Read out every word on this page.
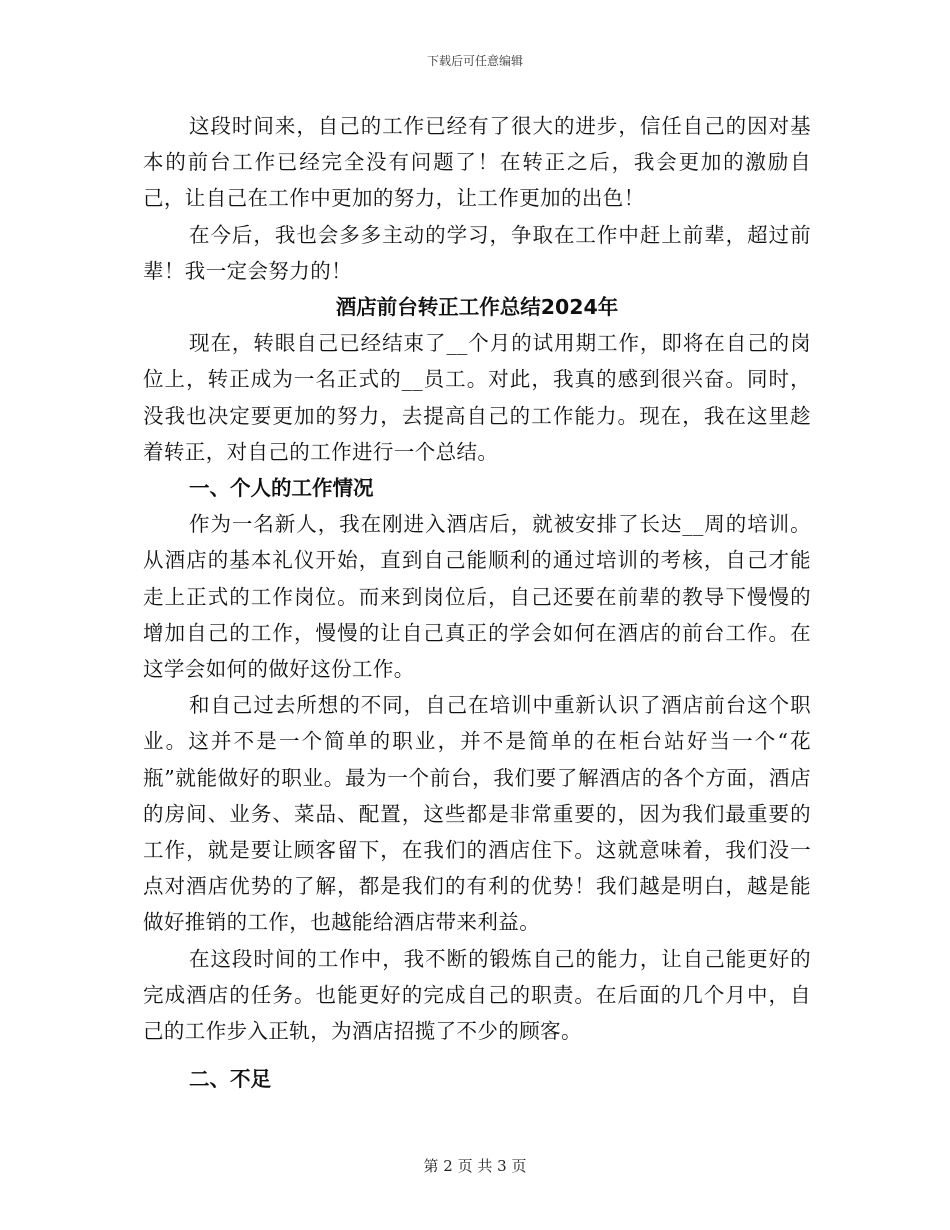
下载后可任意编辑

这段时间来，自己的工作已经有了很大的进步，信任自己的因对基本的前台工作已经完全没有问题了！在转正之后，我会更加的激励自己，让自己在工作中更加的努力，让工作更加的出色！

在今后，我也会多多主动的学习，争取在工作中赶上前辈，超过前辈！我一定会努力的！

酒店前台转正工作总结2024年

现在，转眼自己已经结束了__个月的试用期工作，即将在自己的岗位上，转正成为一名正式的__员工。对此，我真的感到很兴奋。同时，没我也决定要更加的努力，去提高自己的工作能力。现在，我在这里趁着转正，对自己的工作进行一个总结。

一、个人的工作情况

作为一名新人，我在刚进入酒店后，就被安排了长达__周的培训。从酒店的基本礼仪开始，直到自己能顺利的通过培训的考核，自己才能走上正式的工作岗位。而来到岗位后，自己还要在前辈的教导下慢慢的增加自己的工作，慢慢的让自己真正的学会如何在酒店的前台工作。在这学会如何的做好这份工作。

和自己过去所想的不同，自己在培训中重新认识了酒店前台这个职业。这并不是一个简单的职业，并不是简单的在柜台站好当一个“花瓶”就能做好的职业。最为一个前台，我们要了解酒店的各个方面，酒店的房间、业务、菜品、配置，这些都是非常重要的，因为我们最重要的工作，就是要让顾客留下，在我们的酒店住下。这就意味着，我们没一点对酒店优势的了解，都是我们的有利的优势！我们越是明白，越是能做好推销的工作，也越能给酒店带来利益。

在这段时间的工作中，我不断的锻炼自己的能力，让自己能更好的完成酒店的任务。也能更好的完成自己的职责。在后面的几个月中，自己的工作步入正轨，为酒店招揽了不少的顾客。

二、不足

第 2 页 共 3 页
